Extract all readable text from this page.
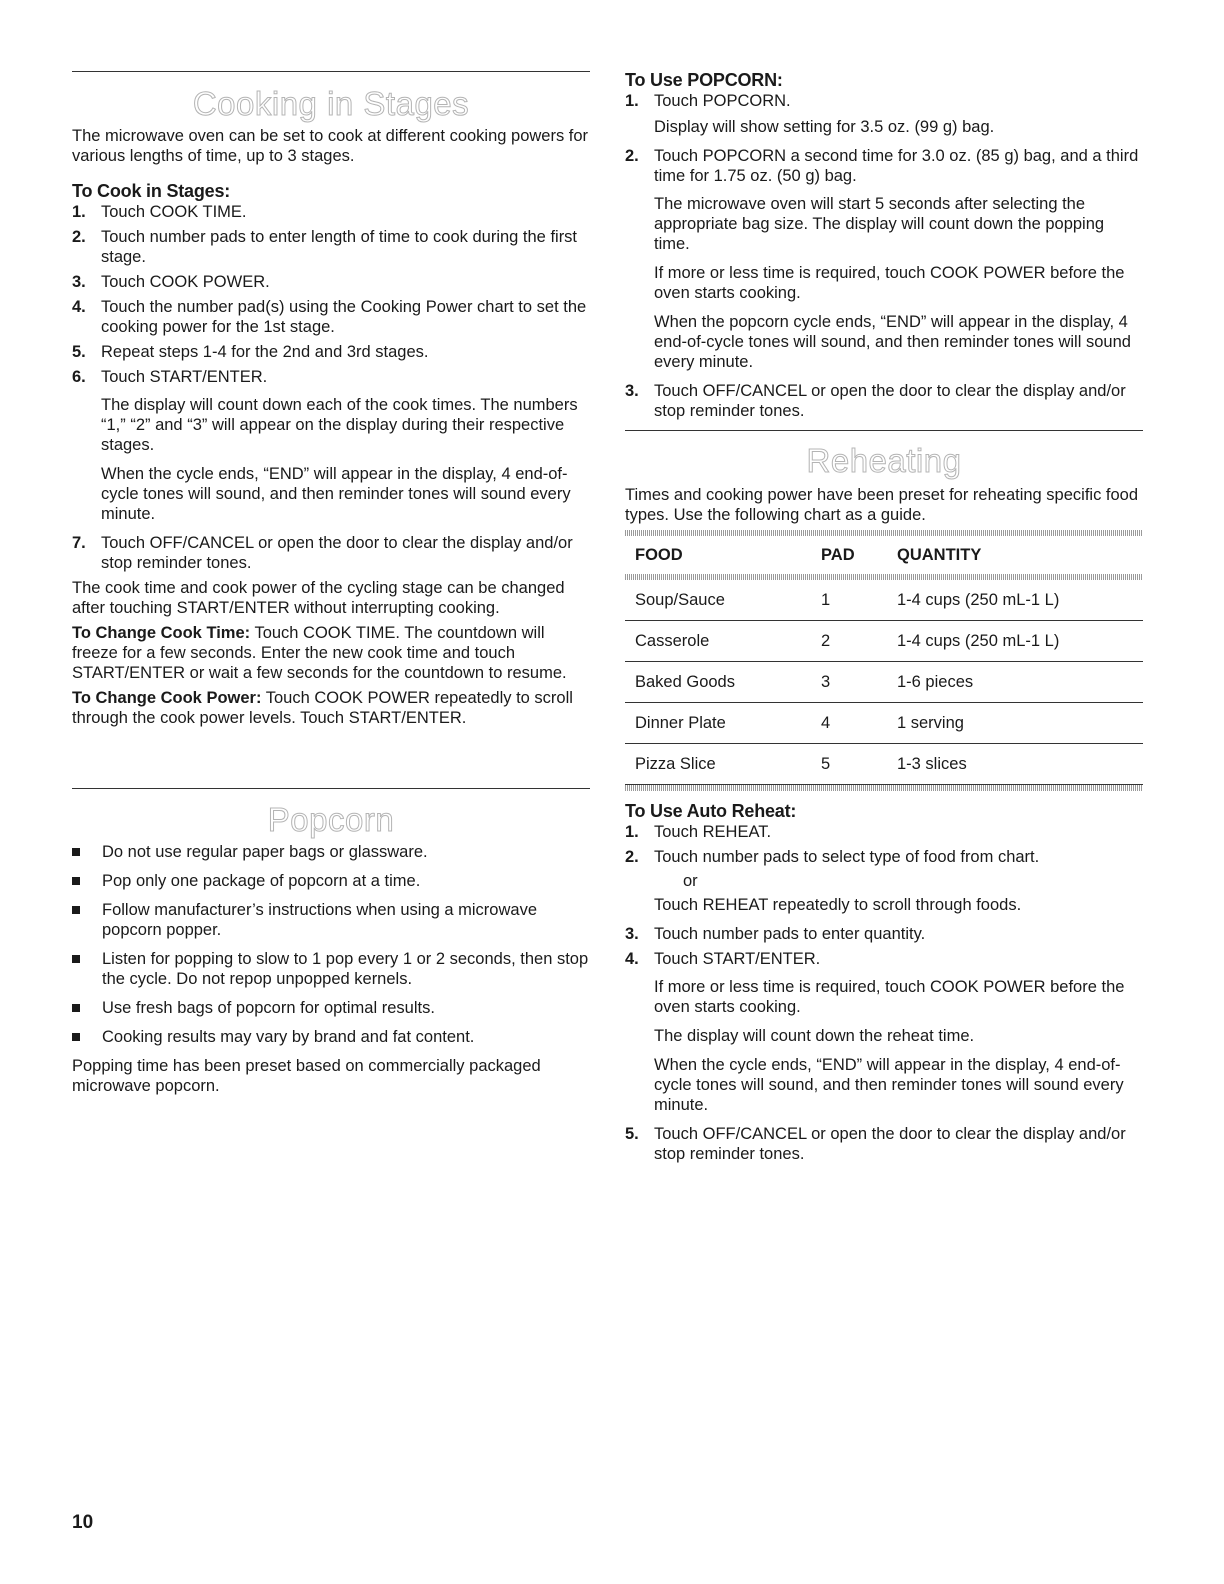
Cooking in Stages

The microwave oven can be set to cook at different cooking powers for various lengths of time, up to 3 stages.

To Cook in Stages:
1. Touch COOK TIME.
2. Touch number pads to enter length of time to cook during the first stage.
3. Touch COOK POWER.
4. Touch the number pad(s) using the Cooking Power chart to set the cooking power for the 1st stage.
5. Repeat steps 1-4 for the 2nd and 3rd stages.
6. Touch START/ENTER.

The display will count down each of the cook times. The numbers “1,” “2” and “3” will appear on the display during their respective stages.

When the cycle ends, “END” will appear in the display, 4 end-of-cycle tones will sound, and then reminder tones will sound every minute.

7. Touch OFF/CANCEL or open the door to clear the display and/or stop reminder tones.

The cook time and cook power of the cycling stage can be changed after touching START/ENTER without interrupting cooking.

To Change Cook Time: Touch COOK TIME. The countdown will freeze for a few seconds. Enter the new cook time and touch START/ENTER or wait a few seconds for the countdown to resume.

To Change Cook Power: Touch COOK POWER repeatedly to scroll through the cook power levels. Touch START/ENTER.

Popcorn
Do not use regular paper bags or glassware.
Pop only one package of popcorn at a time.
Follow manufacturer’s instructions when using a microwave popcorn popper.
Listen for popping to slow to 1 pop every 1 or 2 seconds, then stop the cycle. Do not repop unpopped kernels.
Use fresh bags of popcorn for optimal results.
Cooking results may vary by brand and fat content.

Popping time has been preset based on commercially packaged microwave popcorn.

To Use POPCORN:
1. Touch POPCORN.

Display will show setting for 3.5 oz. (99 g) bag.

2. Touch POPCORN a second time for 3.0 oz. (85 g) bag, and a third time for 1.75 oz. (50 g) bag.

The microwave oven will start 5 seconds after selecting the appropriate bag size. The display will count down the popping time.

If more or less time is required, touch COOK POWER before the oven starts cooking.

When the popcorn cycle ends, “END” will appear in the display, 4 end-of-cycle tones will sound, and then reminder tones will sound every minute.

3. Touch OFF/CANCEL or open the door to clear the display and/or stop reminder tones.
Reheating

Times and cooking power have been preset for reheating specific food types. Use the following chart as a guide.

FOOD	PAD	QUANTITY
Soup/Sauce	1	1-4 cups (250 mL-1 L)
Casserole	2	1-4 cups (250 mL-1 L)
Baked Goods	3	1-6 pieces
Dinner Plate	4	1 serving
Pizza Slice	5	1-3 slices
To Use Auto Reheat:
1. Touch REHEAT.
2. Touch number pads to select type of food from chart.

or

Touch REHEAT repeatedly to scroll through foods.

3. Touch number pads to enter quantity.
4. Touch START/ENTER.

If more or less time is required, touch COOK POWER before the oven starts cooking.

The display will count down the reheat time.

When the cycle ends, “END” will appear in the display, 4 end-of-cycle tones will sound, and then reminder tones will sound every minute.

5. Touch OFF/CANCEL or open the door to clear the display and/or stop reminder tones.
10
